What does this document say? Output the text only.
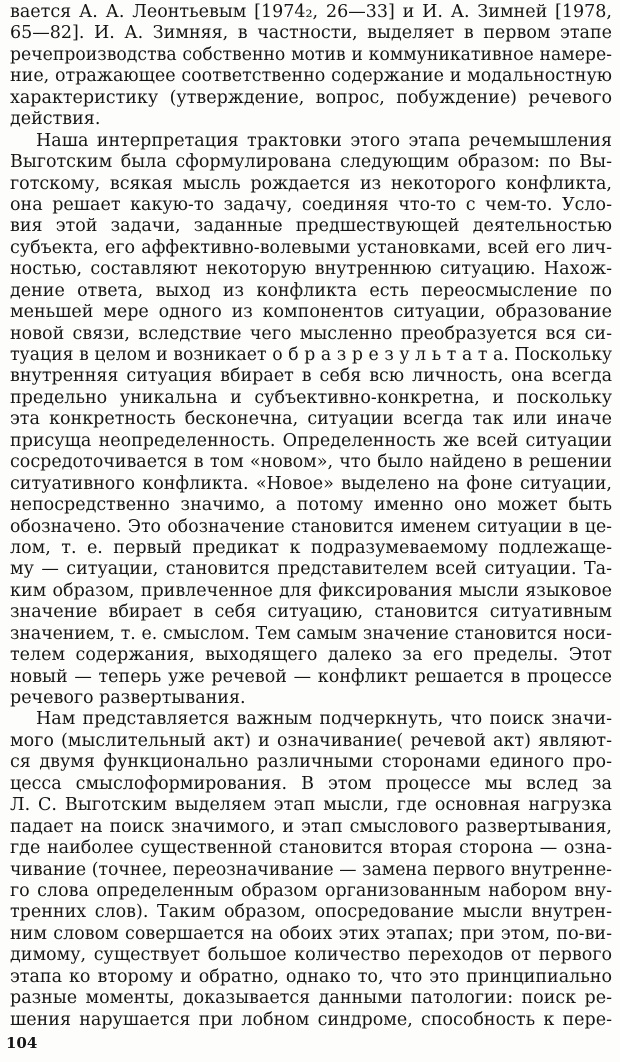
вается А. А. Леонтьевым [1974₂, 26—33] и И. А. Зимней [1978,
65—82]. И. А. Зимняя, в частности, выделяет в первом этапе
речепроизводства собственно мотив и коммуникативное намере-
ние, отражающее соответственно содержание и модальностную
характеристику (утверждение, вопрос, побуждение) речевого
действия.
Наша интерпретация трактовки этого этапа речемышления
Выготским была сформулирована следующим образом: по Вы-
готскому, всякая мысль рождается из некоторого конфликта,
она решает какую-то задачу, соединяя что-то с чем-то. Усло-
вия этой задачи, заданные предшествующей деятельностью
субъекта, его аффективно-волевыми установками, всей его лич-
ностью, составляют некоторую внутреннюю ситуацию. Нахож-
дение ответа, выход из конфликта есть переосмысление по
меньшей мере одного из компонентов ситуации, образование
новой связи, вследствие чего мысленно преобразуется вся си-
туация в целом и возникает о б р а з р е з у л ь т а т а. Поскольку
внутренняя ситуация вбирает в себя всю личность, она всегда
предельно уникальна и субъективно-конкретна, и поскольку
эта конкретность бесконечна, ситуации всегда так или иначе
присуща неопределенность. Определенность же всей ситуации
сосредоточивается в том «новом», что было найдено в решении
ситуативного конфликта. «Новое» выделено на фоне ситуации,
непосредственно значимо, а потому именно оно может быть
обозначено. Это обозначение становится именем ситуации в це-
лом, т. е. первый предикат к подразумеваемому подлежаще-
му — ситуации, становится представителем всей ситуации. Та-
ким образом, привлеченное для фиксирования мысли языковое
значение вбирает в себя ситуацию, становится ситуативным
значением, т. е. смыслом. Тем самым значение становится носи-
телем содержания, выходящего далеко за его пределы. Этот
новый — теперь уже речевой — конфликт решается в процессе
речевого развертывания.
Нам представляется важным подчеркнуть, что поиск значи-
мого (мыслительный акт) и означивание( речевой акт) являют-
ся двумя функционально различными сторонами единого про-
цесса смыслоформирования. В этом процессе мы вслед за
Л. С. Выготским выделяем этап мысли, где основная нагрузка
падает на поиск значимого, и этап смыслового развертывания,
где наиболее существенной становится вторая сторона — озна-
чивание (точнее, переозначивание — замена первого внутренне-
го слова определенным образом организованным набором вну-
тренних слов). Таким образом, опосредование мысли внутрен-
ним словом совершается на обоих этих этапах; при этом, по-ви-
димому, существует большое количество переходов от первого
этапа ко второму и обратно, однако то, что это принципиально
разные моменты, доказывается данными патологии: поиск ре-
шения нарушается при лобном синдроме, способность к пере-
104
